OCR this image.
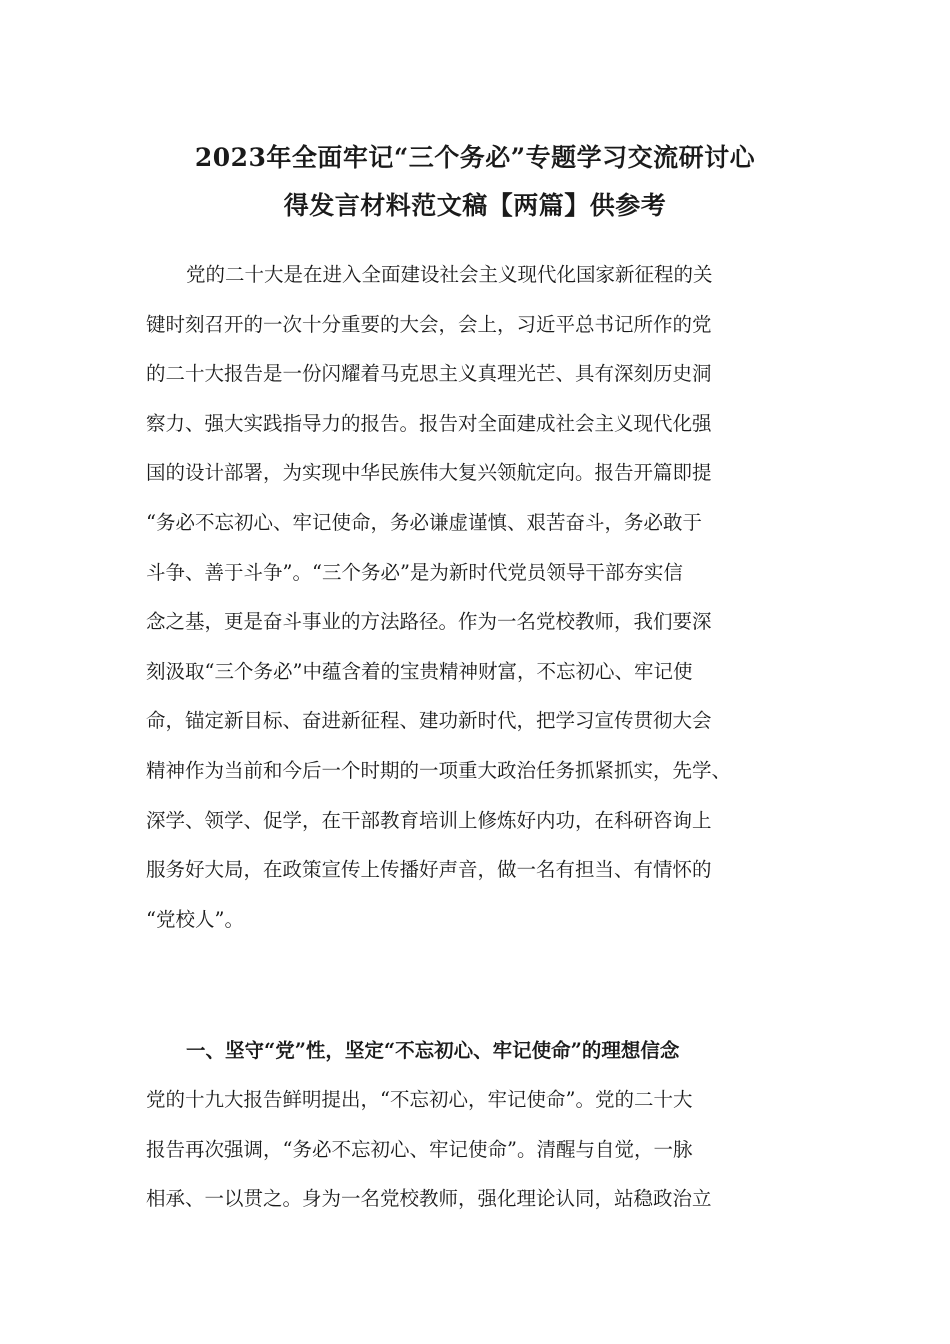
2023年全面牢记“三个务必”专题学习交流研讨心
得发言材料范文稿【两篇】供参考
党的二十大是在进入全面建设社会主义现代化国家新征程的关
键时刻召开的一次十分重要的大会，会上，习近平总书记所作的党
的二十大报告是一份闪耀着马克思主义真理光芒、具有深刻历史洞
察力、强大实践指导力的报告。报告对全面建成社会主义现代化强
国的设计部署，为实现中华民族伟大复兴领航定向。报告开篇即提
“务必不忘初心、牢记使命，务必谦虚谨慎、艰苦奋斗，务必敢于
斗争、善于斗争”。“三个务必”是为新时代党员领导干部夯实信
念之基，更是奋斗事业的方法路径。作为一名党校教师，我们要深
刻汲取“三个务必”中蕴含着的宝贵精神财富，不忘初心、牢记使
命，锚定新目标、奋进新征程、建功新时代，把学习宣传贯彻大会
精神作为当前和今后一个时期的一项重大政治任务抓紧抓实，先学、
深学、领学、促学，在干部教育培训上修炼好内功，在科研咨询上
服务好大局，在政策宣传上传播好声音，做一名有担当、有情怀的
“党校人”。
一、坚守“党”性，坚定“不忘初心、牢记使命”的理想信念
党的十九大报告鲜明提出，“不忘初心，牢记使命”。党的二十大
报告再次强调，“务必不忘初心、牢记使命”。清醒与自觉，一脉
相承、一以贯之。身为一名党校教师，强化理论认同，站稳政治立
